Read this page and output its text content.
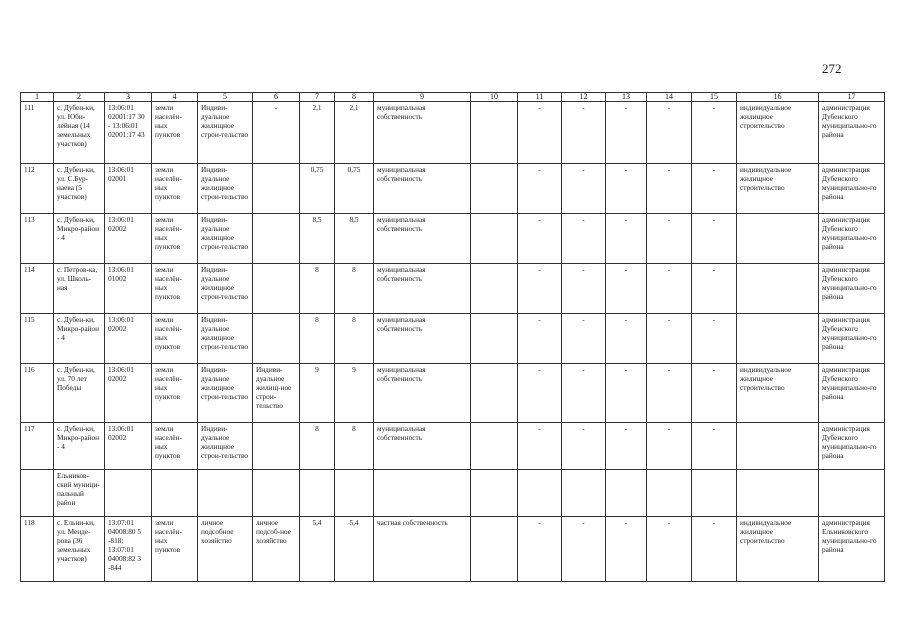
272
1	2	3	4	5	6	7	8	9	10	11	12	13	14	15	16	17
111	с. Дубен-ки, ул. Юби-лейная (14 земельных участков)	13:06:01 02001:17 30 - 13:06:01 02001:17 43	земли населён-ных пунктов	Индиви-дуальное жилищное строи-тельство	-	2,1	2,1	муниципальная собственность		-	-	-	-	-	индивидуальное жилищное строительство	администрация Дубенского муниципально-го района
112	с. Дубен-ки, ул. С.Бур-наева (5 участков)	13:06:01 02001	земли населён-ных пунктов	Индиви-дуальное жилищное строи-тельство		0,75	0,75	муниципальная собственность		-	-	-	-	-	индивидуальное жилищное строительство	администрация Дубенского муниципально-го района
113	с. Дубен-ки, Микро-район - 4	13:06:01 02002	земли населён-ных пунктов	Индиви-дуальное жилищное строи-тельство		8,5	8,5	муниципальная собственность		-	-	-	-	-		администрация Дубенского муниципально-го района
114	с. Петров-ка, ул. Школь-ная	13:06:01 01002	земли населён-ных пунктов	Индиви-дуальное жилищное строи-тельство		8	8	муниципальная собственность		-	-	-	-	-		администрация Дубенского муниципально-го района
115	с. Дубен-ки, Микро-район - 4	13:06:01 02002	земли населён-ных пунктов	Индиви-дуальное жилищное строи-тельство		8	8	муниципальная собственность		-	-	-	-	-		администрация Дубенского муниципально-го района
116	с. Дубен-ки, ул. 70 лет Победы	13:06:01 02002	земли населён-ных пунктов	Индиви-дуальное жилищное строи-тельство	Индиви-дуальное жилищ-ное строи-тельство	9	9	муниципальная собственность		-	-	-	-	-	индивидуальное жилищное строительство	администрация Дубенского муниципально-го района
117	с. Дубен-ки, Микро-район - 4	13:06:01 02002	земли населён-ных пунктов	Индиви-дуальное жилищное строи-тельство		8	8	муниципальная собственность		-	-	-	-	-		администрация Дубенского муниципально-го района
	Ельников-ский муници-пальный район															
118	с. Ельни-ки, ул. Менде-рова (36 земельных участков)	13:07:01 04008:80 5 -818; 13:07:01 04008:82 3 -844	земли населён-ных пунктов	личное подсобное хозяйство	личное подсоб-ное хозяйство	5,4	5,4	частная собственность		-	-	-	-	-	индивидуальное жилищное строительство	администрация Ельниковского муниципально-го района
